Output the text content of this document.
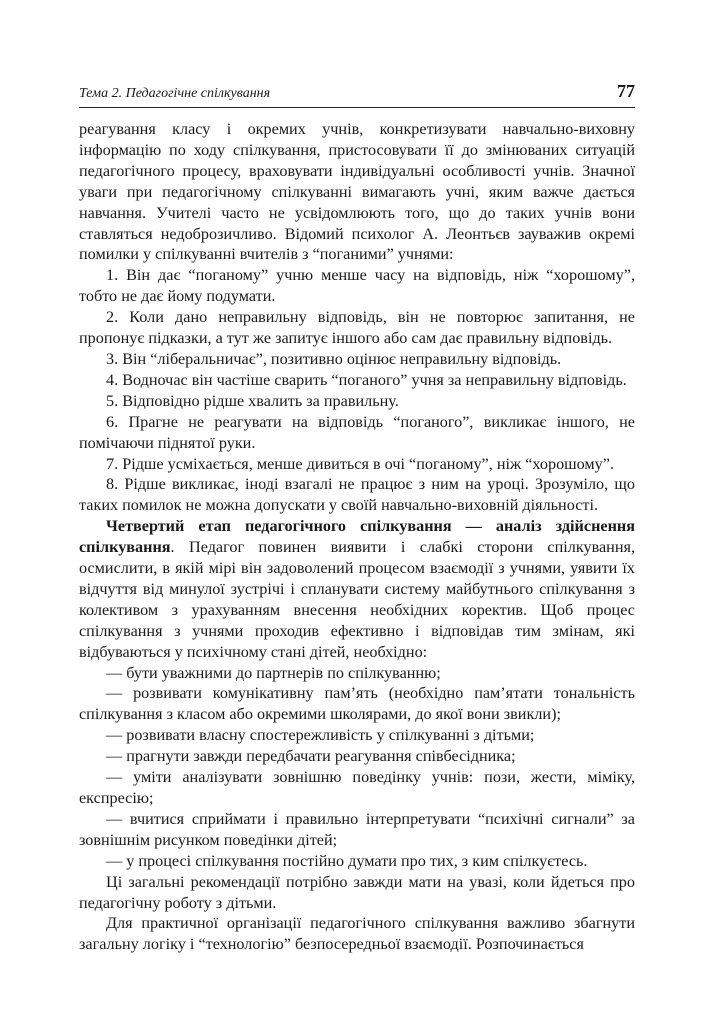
Тема 2. Педагогічне спілкування	77

реагування класу і окремих учнів, конкретизувати навчально-виховну інформацію по ходу спілкування, пристосовувати її до змінюваних ситуацій педагогічного процесу, враховувати індивідуальні особливості учнів. Значної уваги при педагогічному спілкуванні вимагають учні, яким важче дається навчання. Учителі часто не усвідомлюють того, що до таких учнів вони ставляться недоброзичливо. Відомий психолог А. Леонтьєв зауважив окремі помилки у спілкуванні вчителів з “поганими” учнями:

1. Він дає “поганому” учню менше часу на відповідь, ніж “хорошому”, тобто не дає йому подумати.

2. Коли дано неправильну відповідь, він не повторює запитання, не пропонує підказки, а тут же запитує іншого або сам дає правильну відповідь.

3. Він “ліберальничає”, позитивно оцінює неправильну відповідь.

4. Водночас він частіше сварить “поганого” учня за неправильну відповідь.

5. Відповідно рідше хвалить за правильну.

6. Прагне не реагувати на відповідь “поганого”, викликає іншого, не помічаючи піднятої руки.

7. Рідше усміхається, менше дивиться в очі “поганому”, ніж “хорошому”.

8. Рідше викликає, іноді взагалі не працює з ним на уроці. Зрозуміло, що таких помилок не можна допускати у своїй навчально-виховній діяльності.

Четвертий етап педагогічного спілкування — аналіз здійснення спілкування. Педагог повинен виявити і слабкі сторони спілкування, осмислити, в якій мірі він задоволений процесом взаємодії з учнями, уявити їх відчуття від минулої зустрічі і спланувати систему майбутнього спілкування з колективом з урахуванням внесення необхідних коректив. Щоб процес спілкування з учнями проходив ефективно і відповідав тим змінам, які відбуваються у психічному стані дітей, необхідно:

— бути уважними до партнерів по спілкуванню;

— розвивати комунікативну пам’ять (необхідно пам’ятати тональність спілкування з класом або окремими школярами, до якої вони звикли);

— розвивати власну спостережливість у спілкуванні з дітьми;

— прагнути завжди передбачати реагування співбесідника;

— уміти аналізувати зовнішню поведінку учнів: пози, жести, міміку, експресію;

— вчитися сприймати і правильно інтерпретувати “психічні сигнали” за зовнішнім рисунком поведінки дітей;

— у процесі спілкування постійно думати про тих, з ким спілкуєтесь.

Ці загальні рекомендації потрібно завжди мати на увазі, коли йдеться про педагогічну роботу з дітьми.

Для практичної організації педагогічного спілкування важливо збагнути загальну логіку і “технологію” безпосередньої взаємодії. Розпочинається
